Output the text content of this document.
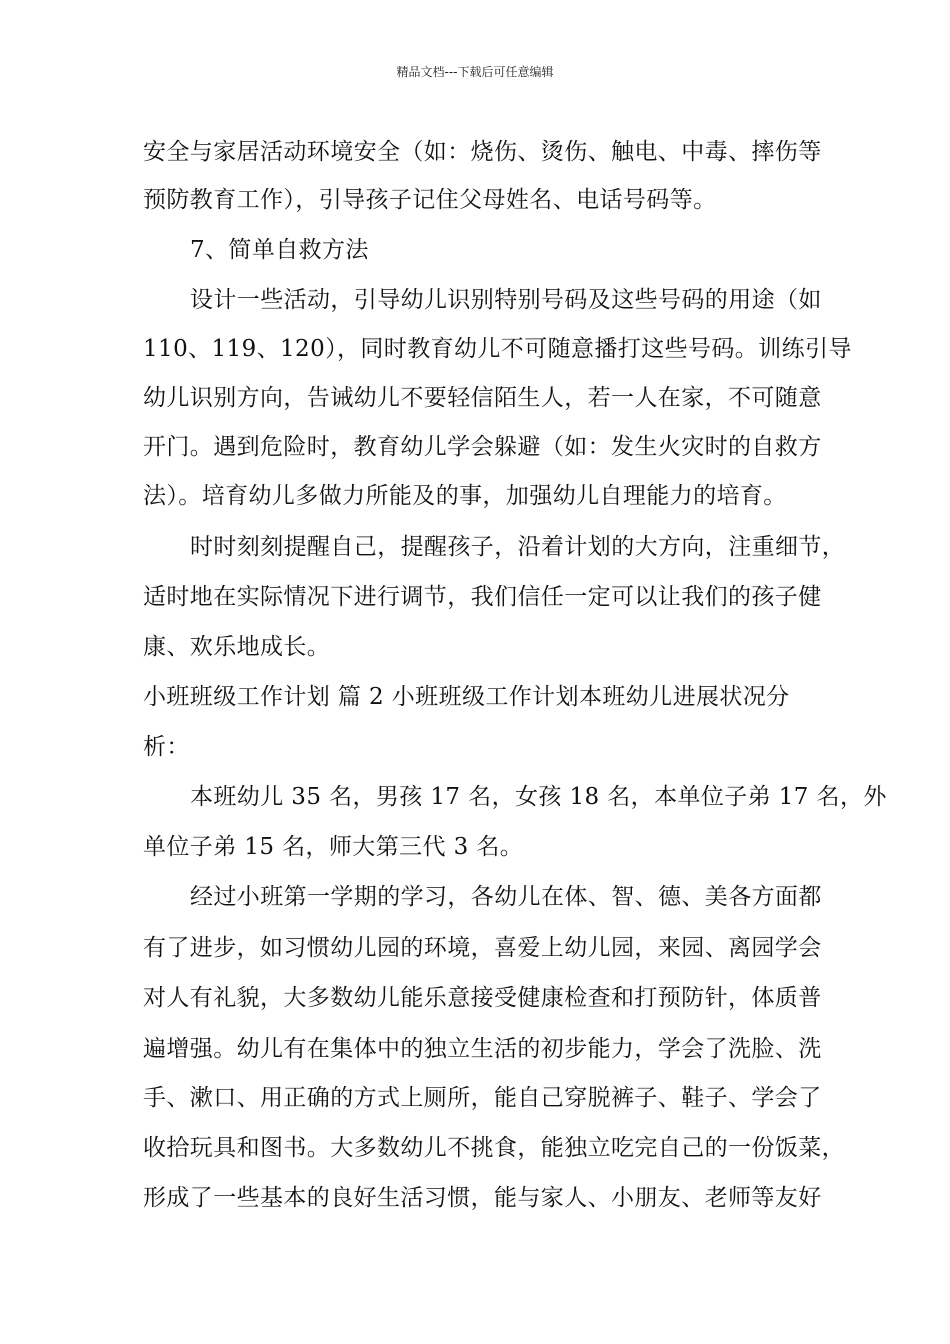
精品文档---下载后可任意编辑
安全与家居活动环境安全（如：烧伤、烫伤、触电、中毒、摔伤等
预防教育工作），引导孩子记住父母姓名、电话号码等。
7、简单自救方法
设计一些活动，引导幼儿识别特别号码及这些号码的用途（如
110、119、120），同时教育幼儿不可随意播打这些号码。训练引导
幼儿识别方向，告诫幼儿不要轻信陌生人，若一人在家，不可随意
开门。遇到危险时，教育幼儿学会躲避（如：发生火灾时的自救方
法）。培育幼儿多做力所能及的事，加强幼儿自理能力的培育。
时时刻刻提醒自己，提醒孩子，沿着计划的大方向，注重细节，
适时地在实际情况下进行调节，我们信任一定可以让我们的孩子健
康、欢乐地成长。
小班班级工作计划 篇 2 小班班级工作计划本班幼儿进展状况分
析：
本班幼儿 35 名，男孩 17 名，女孩 18 名，本单位子弟 17 名，外
单位子弟 15 名，师大第三代 3 名。
经过小班第一学期的学习，各幼儿在体、智、德、美各方面都
有了进步，如习惯幼儿园的环境，喜爱上幼儿园，来园、离园学会
对人有礼貌，大多数幼儿能乐意接受健康检查和打预防针，体质普
遍增强。幼儿有在集体中的独立生活的初步能力，学会了洗脸、洗
手、漱口、用正确的方式上厕所，能自己穿脱裤子、鞋子、学会了
收拾玩具和图书。大多数幼儿不挑食，能独立吃完自己的一份饭菜，
形成了一些基本的良好生活习惯，能与家人、小朋友、老师等友好
